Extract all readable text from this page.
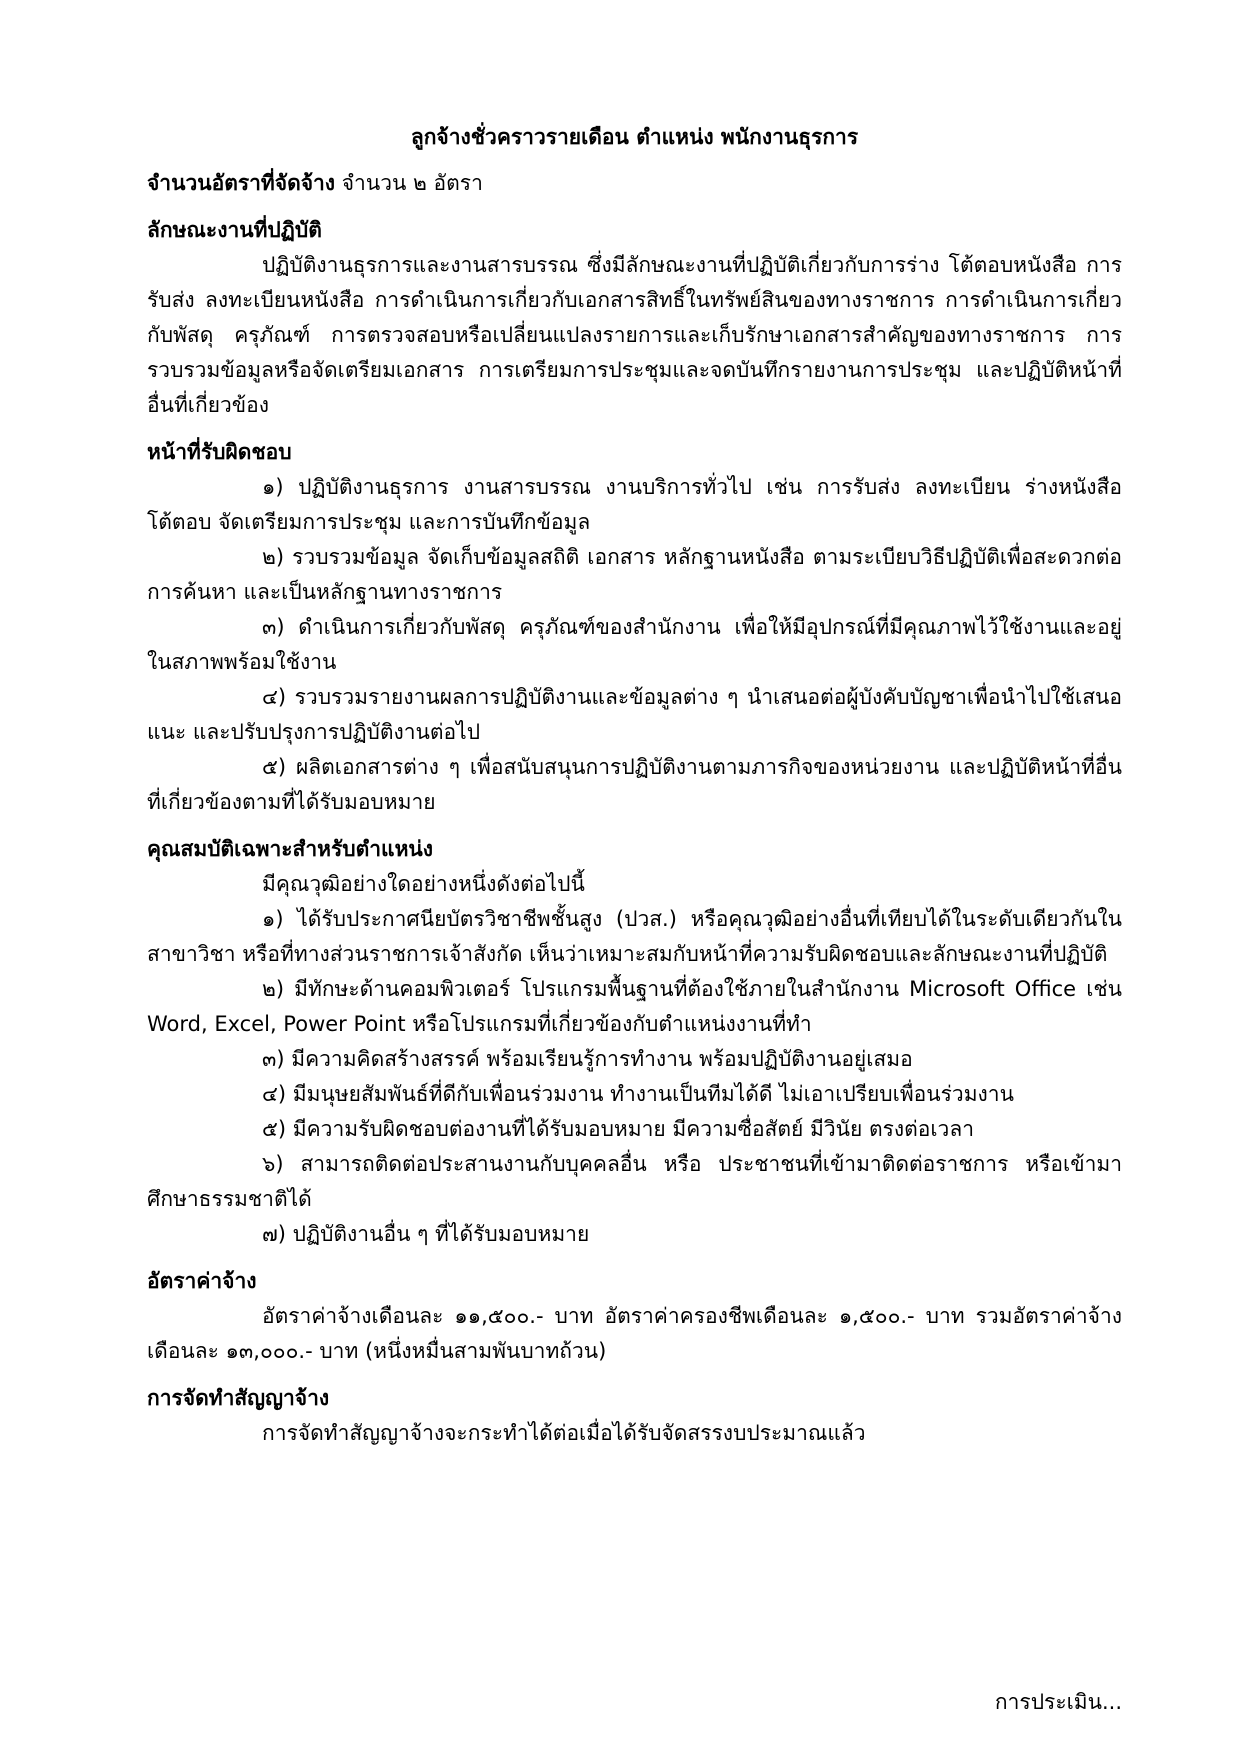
ลูกจ้างชั่วคราวรายเดือน ตำแหน่ง พนักงานธุรการ

จำนวนอัตราที่จัดจ้าง จำนวน ๒ อัตรา

ลักษณะงานที่ปฏิบัติ

ปฏิบัติงานธุรการและงานสารบรรณ ซึ่งมีลักษณะงานที่ปฏิบัติเกี่ยวกับการร่าง โต้ตอบหนังสือ การรับส่ง ลงทะเบียนหนังสือ การดำเนินการเกี่ยวกับเอกสารสิทธิ์ในทรัพย์สินของทางราชการ การดำเนินการเกี่ยวกับพัสดุ ครุภัณฑ์ การตรวจสอบหรือเปลี่ยนแปลงรายการและเก็บรักษาเอกสารสำคัญของทางราชการ การรวบรวมข้อมูลหรือจัดเตรียมเอกสาร การเตรียมการประชุมและจดบันทึกรายงานการประชุม และปฏิบัติหน้าที่อื่นที่เกี่ยวข้อง

หน้าที่รับผิดชอบ

๑) ปฏิบัติงานธุรการ งานสารบรรณ งานบริการทั่วไป เช่น การรับส่ง ลงทะเบียน ร่างหนังสือโต้ตอบ จัดเตรียมการประชุม และการบันทึกข้อมูล

๒) รวบรวมข้อมูล จัดเก็บข้อมูลสถิติ เอกสาร หลักฐานหนังสือ ตามระเบียบวิธีปฏิบัติเพื่อสะดวกต่อการค้นหา และเป็นหลักฐานทางราชการ

๓) ดำเนินการเกี่ยวกับพัสดุ ครุภัณฑ์ของสำนักงาน เพื่อให้มีอุปกรณ์ที่มีคุณภาพไว้ใช้งานและอยู่ในสภาพพร้อมใช้งาน

๔) รวบรวมรายงานผลการปฏิบัติงานและข้อมูลต่าง ๆ นำเสนอต่อผู้บังคับบัญชาเพื่อนำไปใช้เสนอแนะ และปรับปรุงการปฏิบัติงานต่อไป

๕) ผลิตเอกสารต่าง ๆ เพื่อสนับสนุนการปฏิบัติงานตามภารกิจของหน่วยงาน และปฏิบัติหน้าที่อื่นที่เกี่ยวข้องตามที่ได้รับมอบหมาย

คุณสมบัติเฉพาะสำหรับตำแหน่ง

มีคุณวุฒิอย่างใดอย่างหนึ่งดังต่อไปนี้

๑) ได้รับประกาศนียบัตรวิชาชีพชั้นสูง (ปวส.) หรือคุณวุฒิอย่างอื่นที่เทียบได้ในระดับเดียวกันในสาขาวิชา หรือที่ทางส่วนราชการเจ้าสังกัด เห็นว่าเหมาะสมกับหน้าที่ความรับผิดชอบและลักษณะงานที่ปฏิบัติ

๒) มีทักษะด้านคอมพิวเตอร์ โปรแกรมพื้นฐานที่ต้องใช้ภายในสำนักงาน Microsoft Office เช่น Word, Excel, Power Point หรือโปรแกรมที่เกี่ยวข้องกับตำแหน่งงานที่ทำ

๓) มีความคิดสร้างสรรค์ พร้อมเรียนรู้การทำงาน พร้อมปฏิบัติงานอยู่เสมอ

๔) มีมนุษยสัมพันธ์ที่ดีกับเพื่อนร่วมงาน ทำงานเป็นทีมได้ดี ไม่เอาเปรียบเพื่อนร่วมงาน

๕) มีความรับผิดชอบต่องานที่ได้รับมอบหมาย มีความซื่อสัตย์ มีวินัย ตรงต่อเวลา

๖) สามารถติดต่อประสานงานกับบุคคลอื่น หรือ ประชาชนที่เข้ามาติดต่อราชการ หรือเข้ามาศึกษาธรรมชาติได้

๗) ปฏิบัติงานอื่น ๆ ที่ได้รับมอบหมาย

อัตราค่าจ้าง

อัตราค่าจ้างเดือนละ ๑๑,๕๐๐.- บาท อัตราค่าครองชีพเดือนละ ๑,๕๐๐.- บาท รวมอัตราค่าจ้างเดือนละ ๑๓,๐๐๐.- บาท (หนึ่งหมื่นสามพันบาทถ้วน)

การจัดทำสัญญาจ้าง

การจัดทำสัญญาจ้างจะกระทำได้ต่อเมื่อได้รับจัดสรรงบประมาณแล้ว

การประเมิน...
